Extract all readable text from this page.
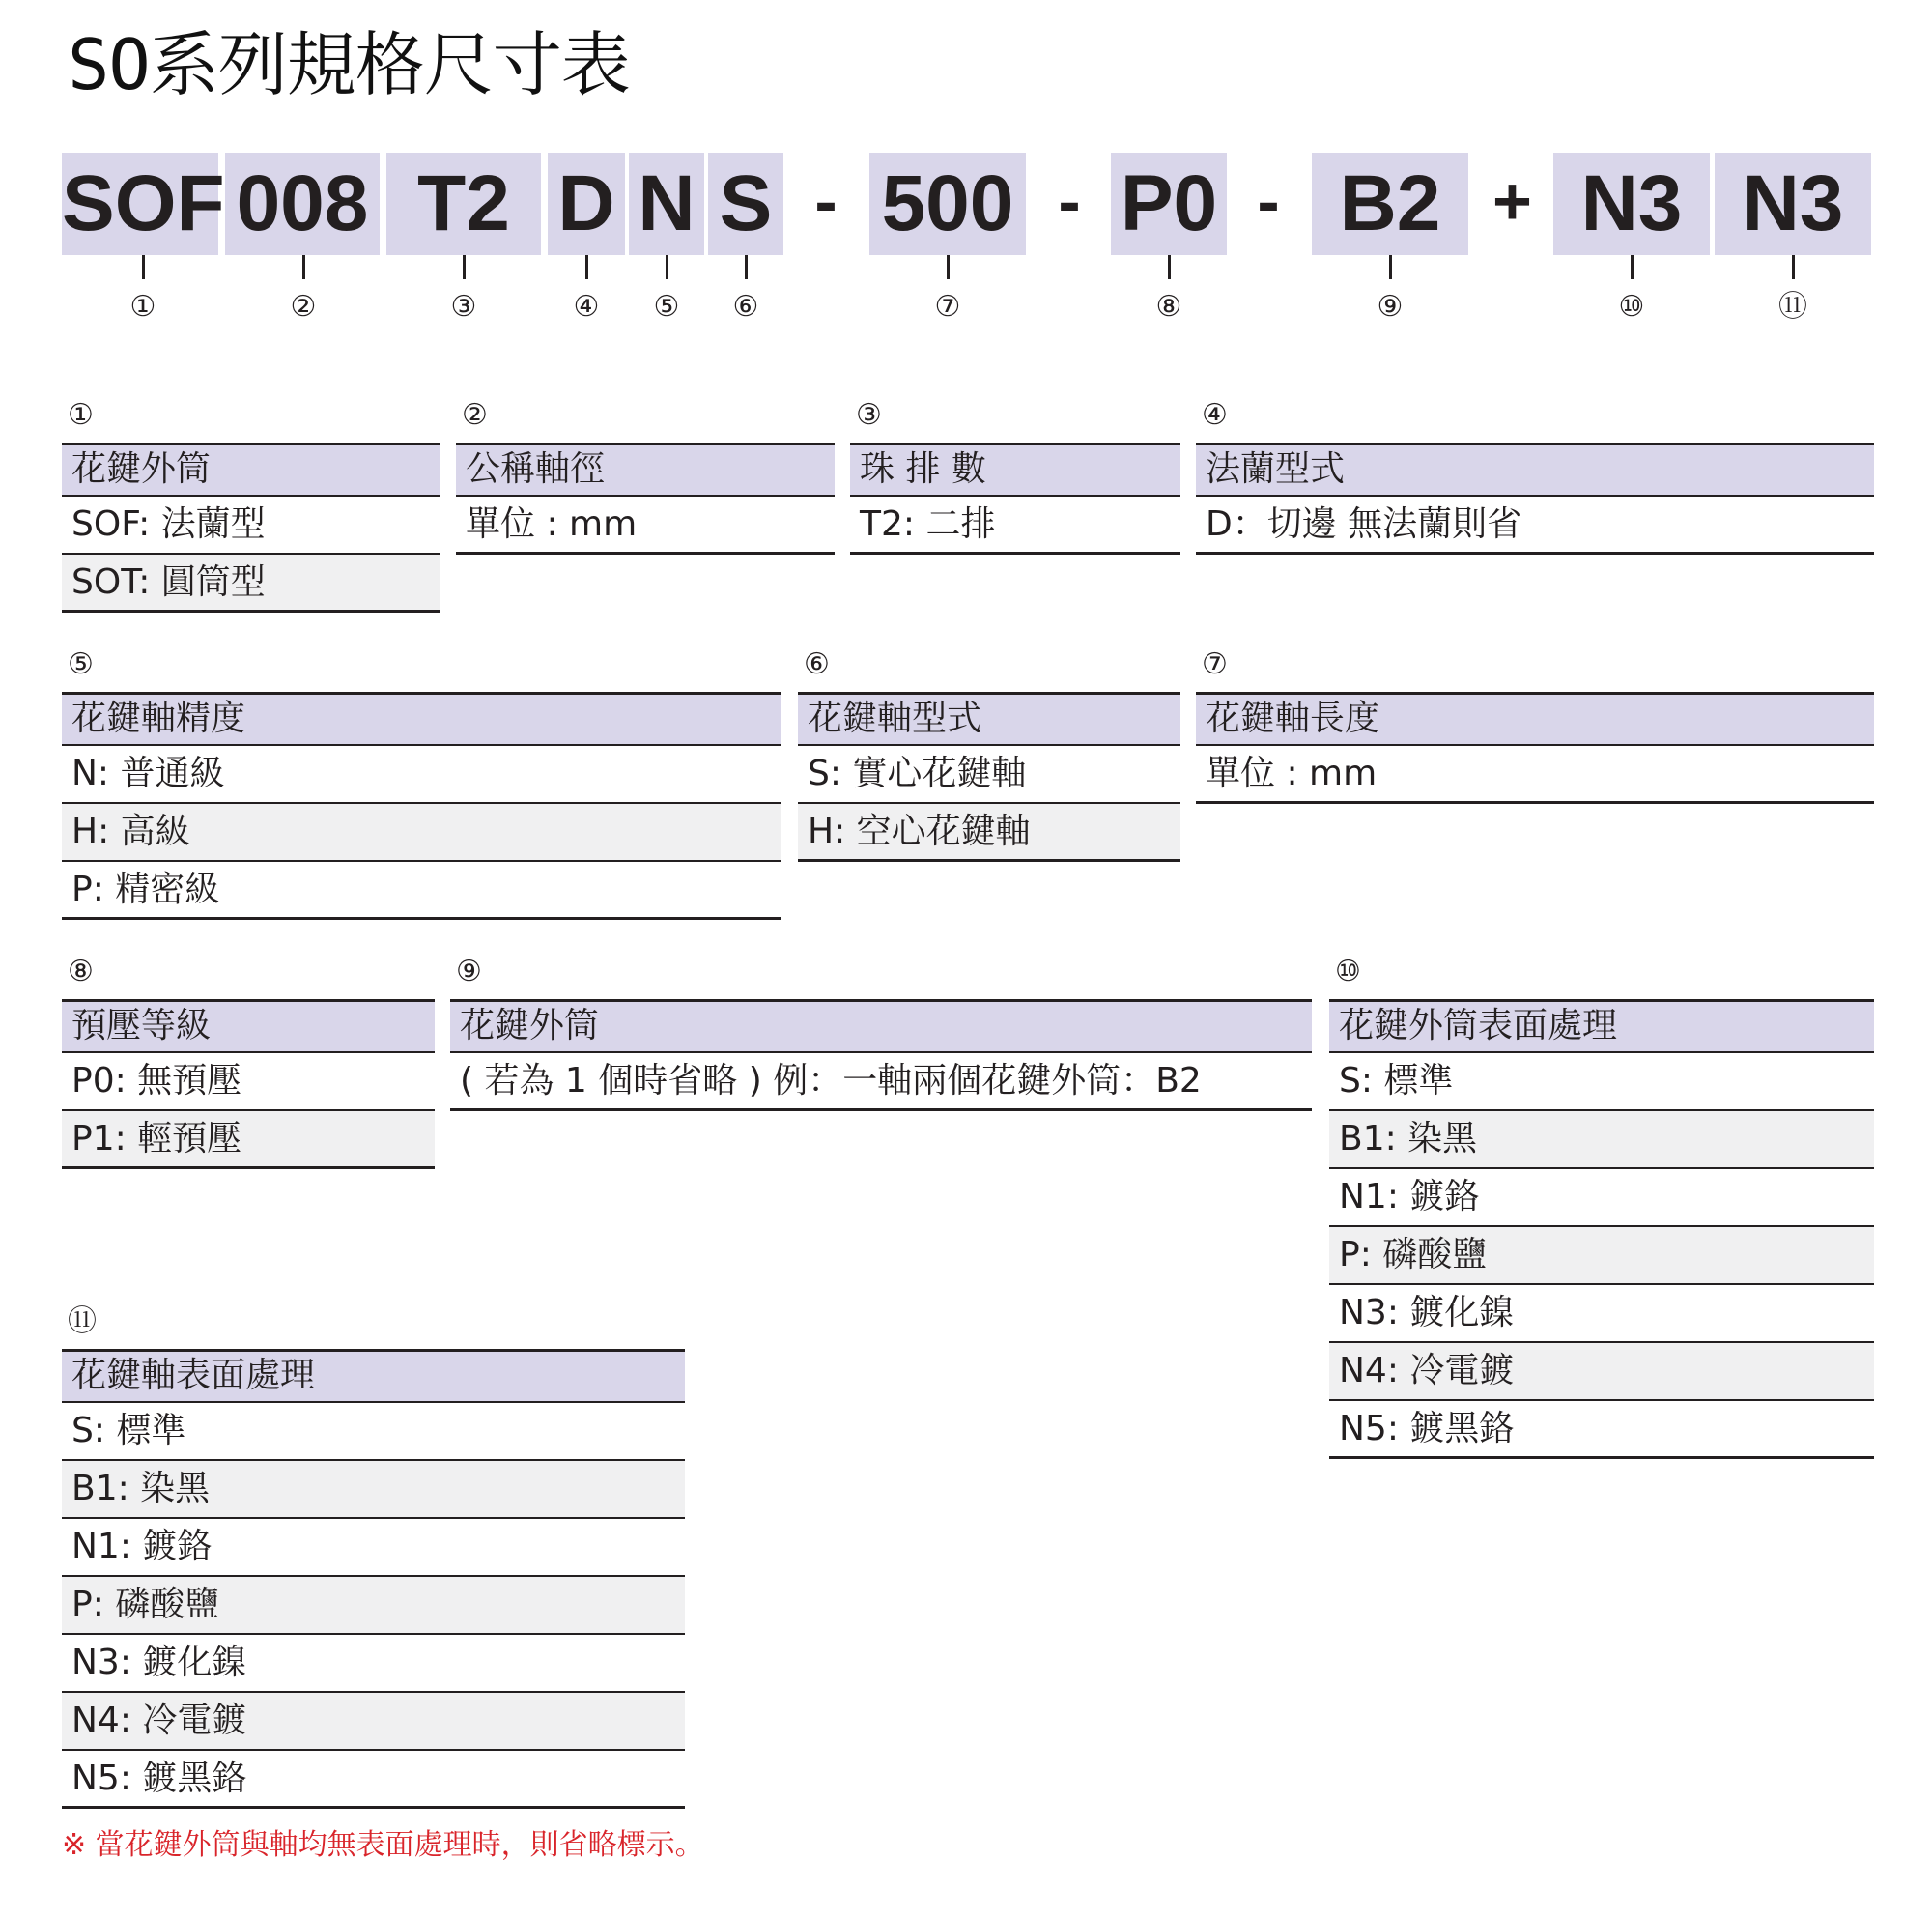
SO系列規格尺寸表
SOF 008 T2 D N S - 500 - P0 - B2 + N3 N3
①	②	③	④	⑤	⑥	⑦	⑧	⑨	⑩	⑪
①
花鍵外筒
SOF: 法蘭型
SOT: 圓筒型
②
公稱軸徑
單位 : mm
③
珠 排 數
T2: 二排
④
法蘭型式
D：切邊 無法蘭則省
⑤
花鍵軸精度
N: 普通級
H: 高級
P: 精密級
⑥
花鍵軸型式
S: 實心花鍵軸
H: 空心花鍵軸
⑦
花鍵軸長度
單位 : mm
⑧
預壓等級
P0: 無預壓
P1: 輕預壓
⑨
花鍵外筒
( 若為 1 個時省略 ) 例：一軸兩個花鍵外筒：B2
⑩
花鍵外筒表面處理
S: 標準
B1: 染黑
N1: 鍍鉻
P: 磷酸鹽
N3: 鍍化鎳
N4: 冷電鍍
N5: 鍍黑鉻
⑪
花鍵軸表面處理
S: 標準
B1: 染黑
N1: 鍍鉻
P: 磷酸鹽
N3: 鍍化鎳
N4: 冷電鍍
N5: 鍍黑鉻
※ 當花鍵外筒與軸均無表面處理時，則省略標示。
